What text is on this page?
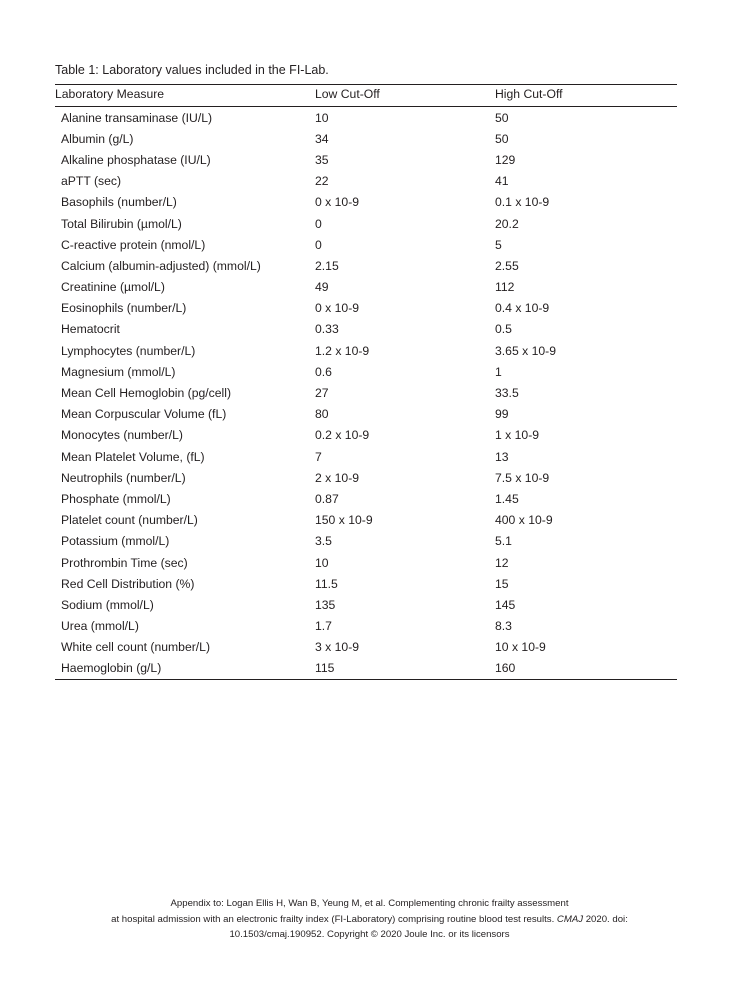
Table 1: Laboratory values included in the FI-Lab.
Laboratory Measure	Low Cut-Off	High Cut-Off
Alanine transaminase (IU/L)	10	50
Albumin (g/L)	34	50
Alkaline phosphatase (IU/L)	35	129
aPTT (sec)	22	41
Basophils (number/L)	0 x 10-9	0.1 x 10-9
Total Bilirubin (µmol/L)	0	20.2
C-reactive protein (nmol/L)	0	5
Calcium (albumin-adjusted) (mmol/L)	2.15	2.55
Creatinine (µmol/L)	49	112
Eosinophils (number/L)	0 x 10-9	0.4 x 10-9
Hematocrit	0.33	0.5
Lymphocytes (number/L)	1.2 x 10-9	3.65 x 10-9
Magnesium (mmol/L)	0.6	1
Mean Cell Hemoglobin (pg/cell)	27	33.5
Mean Corpuscular Volume (fL)	80	99
Monocytes (number/L)	0.2 x 10-9	1 x 10-9
Mean Platelet Volume, (fL)	7	13
Neutrophils (number/L)	2 x 10-9	7.5 x 10-9
Phosphate (mmol/L)	0.87	1.45
Platelet count (number/L)	150 x 10-9	400 x 10-9
Potassium (mmol/L)	3.5	5.1
Prothrombin Time (sec)	10	12
Red Cell Distribution (%)	11.5	15
Sodium (mmol/L)	135	145
Urea (mmol/L)	1.7	8.3
White cell count (number/L)	3 x 10-9	10 x 10-9
Haemoglobin (g/L)	115	160
Appendix to: Logan Ellis H, Wan B, Yeung M, et al. Complementing chronic frailty assessment
at hospital admission with an electronic frailty index (FI-Laboratory) comprising routine blood test results. CMAJ 2020. doi:
10.1503/cmaj.190952. Copyright © 2020 Joule Inc. or its licensors
